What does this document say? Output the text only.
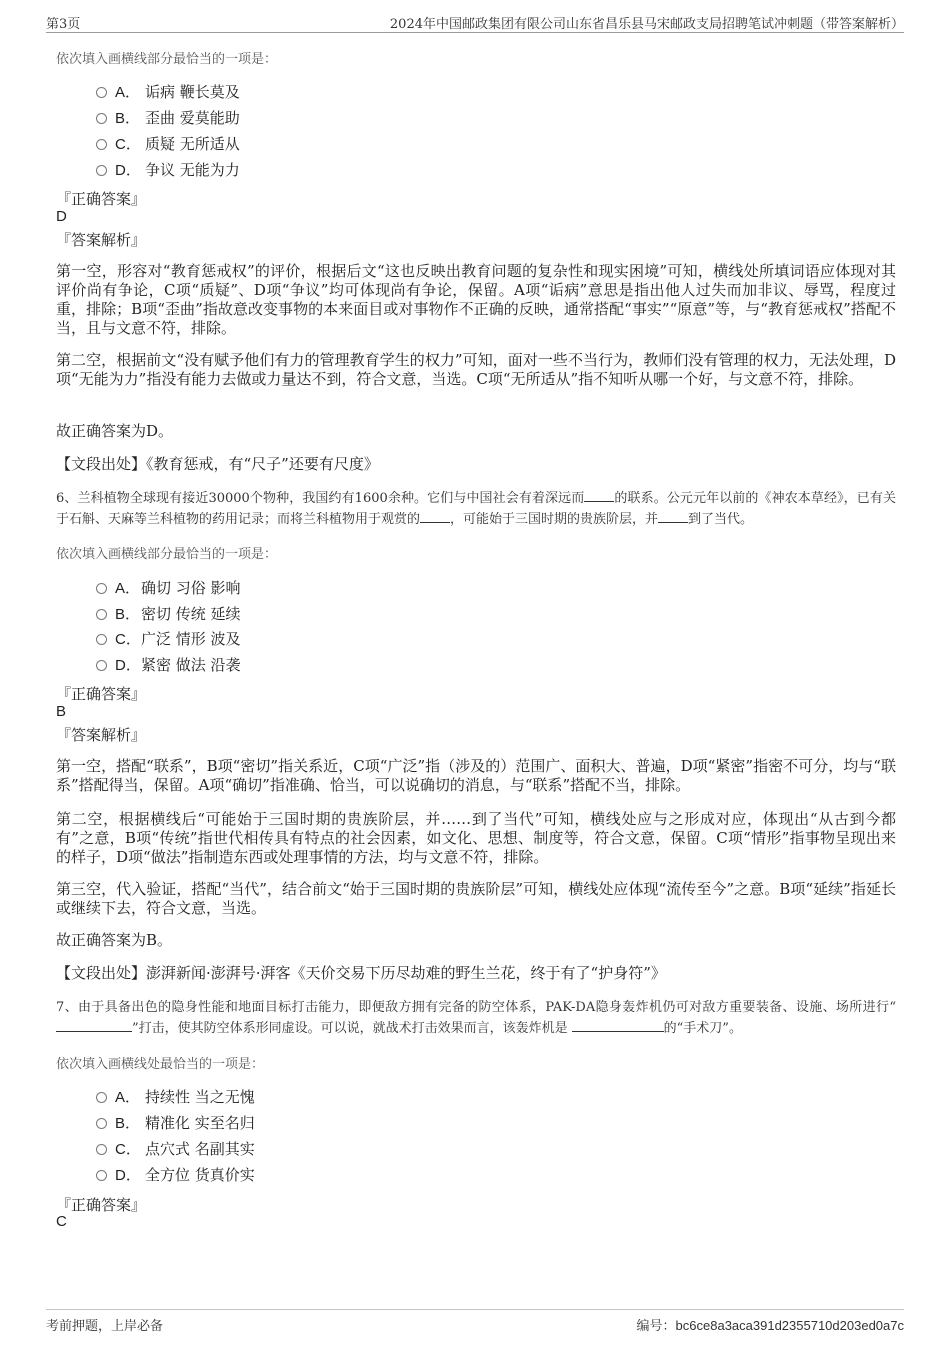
第3页	2024年中国邮政集团有限公司山东省昌乐县马宋邮政支局招聘笔试冲刺题（带答案解析）
依次填入画横线部分最恰当的一项是：
A． 诟病 鞭长莫及
B． 歪曲 爱莫能助
C． 质疑 无所适从
D． 争议 无能为力
『正确答案』
D
『答案解析』
第一空，形容对“教育惩戒权”的评价，根据后文“这也反映出教育问题的复杂性和现实困境”可知，横线处所填词语应体现对其评价尚有争论，C项“质疑”、D项“争议”均可体现尚有争论，保留。A项“诟病”意思是指出他人过失而加非议、辱骂，程度过重，排除；B项“歪曲”指故意改变事物的本来面目或对事物作不正确的反映，通常搭配“事实”“原意”等，与“教育惩戒权”搭配不当，且与文意不符，排除。
第二空，根据前文“没有赋予他们有力的管理教育学生的权力”可知，面对一些不当行为，教师们没有管理的权力，无法处理，D项“无能为力”指没有能力去做或力量达不到，符合文意，当选。C项“无所适从”指不知听从哪一个好，与文意不符，排除。
故正确答案为D。
【文段出处】《教育惩戒，有“尺子”还要有尺度》
6、兰科植物全球现有接近30000个物种，我国约有1600余种。它们与中国社会有着深远而 的联系。公元元年以前的《神农本草经》，已有关于石斛、天麻等兰科植物的药用记录；而将兰科植物用于观赏的 ，可能始于三国时期的贵族阶层，并 到了当代。
依次填入画横线部分最恰当的一项是：
A．确切 习俗 影响
B．密切 传统 延续
C．广泛 情形 波及
D．紧密 做法 沿袭
『正确答案』
B
『答案解析』
第一空，搭配“联系”，B项“密切”指关系近，C项“广泛”指（涉及的）范围广、面积大、普遍，D项“紧密”指密不可分，均与“联系”搭配得当，保留。A项“确切”指准确、恰当，可以说确切的消息，与“联系”搭配不当，排除。
第二空，根据横线后“可能始于三国时期的贵族阶层，并……到了当代”可知，横线处应与之形成对应，体现出“从古到今都有”之意，B项“传统”指世代相传具有特点的社会因素，如文化、思想、制度等，符合文意，保留。C项“情形”指事物呈现出来的样子，D项“做法”指制造东西或处理事情的方法，均与文意不符，排除。
第三空，代入验证，搭配“当代”，结合前文“始于三国时期的贵族阶层”可知，横线处应体现“流传至今”之意。B项“延续”指延长或继续下去，符合文意，当选。
故正确答案为B。
【文段出处】澎湃新闻·澎湃号·湃客《天价交易下历尽劫难的野生兰花，终于有了“护身符”》
7、由于具备出色的隐身性能和地面目标打击能力，即便敌方拥有完备的防空体系，PAK-DA隐身轰炸机仍可对敌方重要装备、设施、场所进行“”打击，使其防空体系形同虚设。可以说，就战术打击效果而言，该轰炸机是	的“手术刀”。
依次填入画横线处最恰当的一项是：
A． 持续性 当之无愧
B． 精准化 实至名归
C． 点穴式 名副其实
D． 全方位 货真价实
『正确答案』
C
考前押题，上岸必备	编号：bc6ce8a3aca391d2355710d203ed0a7c
